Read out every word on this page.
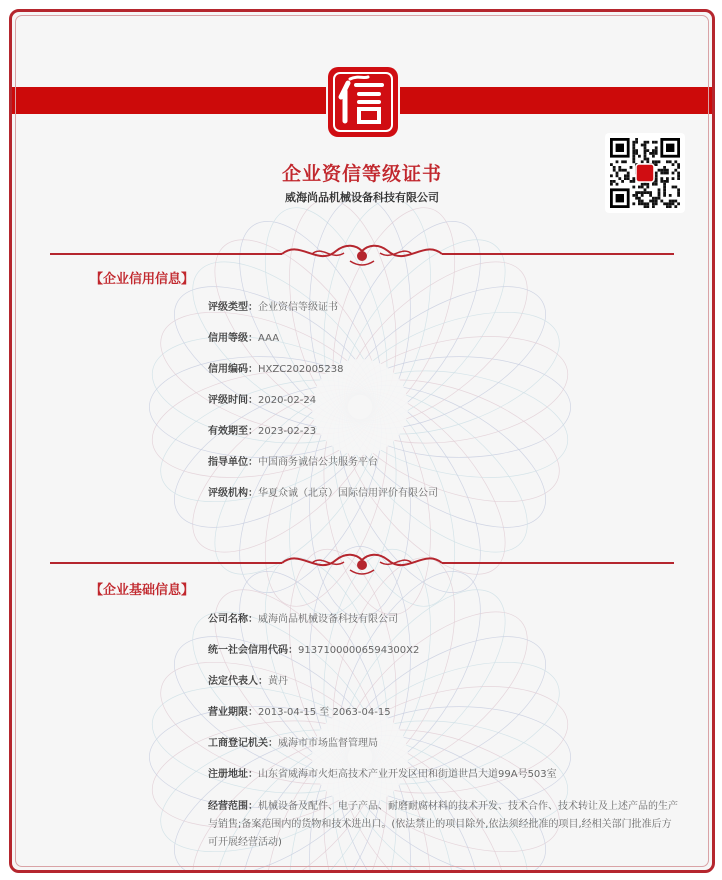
企业资信等级证书
威海尚品机械设备科技有限公司
【企业信用信息】
评级类型：企业资信等级证书
信用等级：AAA
信用编码：HXZC202005238
评级时间：2020-02-24
有效期至：2023-02-23
指导单位：中国商务诚信公共服务平台
评级机构：华夏众诚（北京）国际信用评价有限公司
【企业基础信息】
公司名称：威海尚品机械设备科技有限公司
统一社会信用代码：91371000006594300X2
法定代表人：黄丹
营业期限：2013-04-15 至 2063-04-15
工商登记机关：威海市市场监督管理局
注册地址：山东省威海市火炬高技术产业开发区田和街道世昌大道99A号503室
经营范围：机械设备及配件、电子产品、耐磨耐腐材料的技术开发、技术合作、技术转让及上述产品的生产与销售;备案范围内的货物和技术进出口。(依法禁止的项目除外,依法须经批准的项目,经相关部门批准后方可开展经营活动)
